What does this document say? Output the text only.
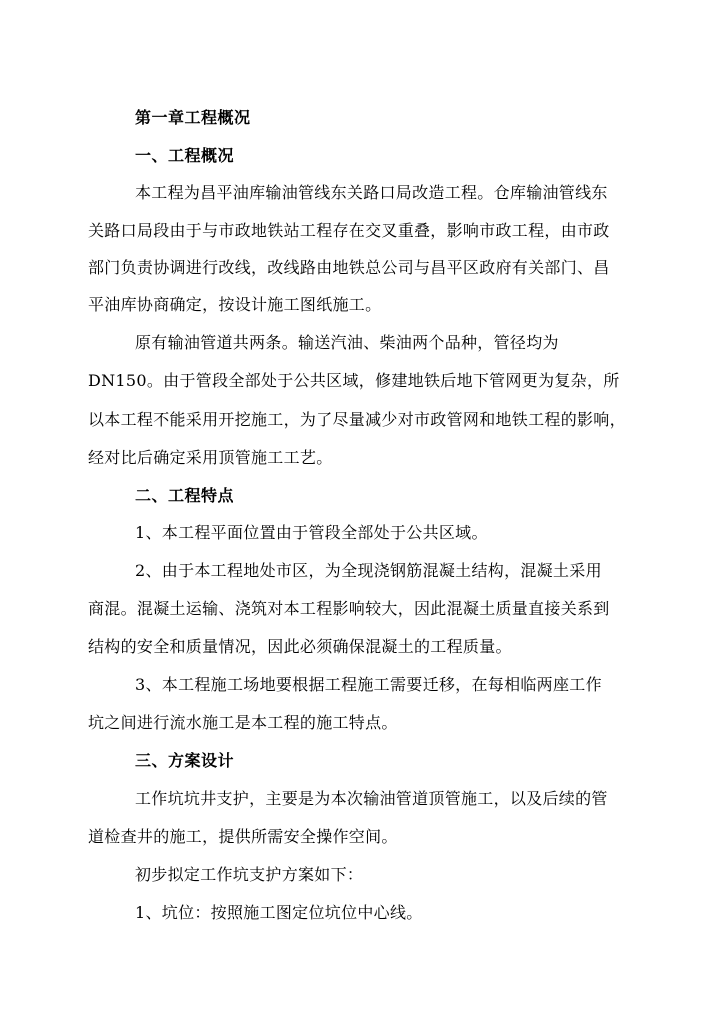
第一章工程概况
一、工程概况
本工程为昌平油库输油管线东关路口局改造工程。仓库输油管线东
关路口局段由于与市政地铁站工程存在交叉重叠，影响市政工程，由市政
部门负责协调进行改线，改线路由地铁总公司与昌平区政府有关部门、昌
平油库协商确定，按设计施工图纸施工。
原有输油管道共两条。输送汽油、柴油两个品种，管径均为
DN150。由于管段全部处于公共区域，修建地铁后地下管网更为复杂，所
以本工程不能采用开挖施工，为了尽量减少对市政管网和地铁工程的影响，
经对比后确定采用顶管施工工艺。
二、工程特点
1、本工程平面位置由于管段全部处于公共区域。
2、由于本工程地处市区，为全现浇钢筋混凝土结构，混凝土采用
商混。混凝土运输、浇筑对本工程影响较大，因此混凝土质量直接关系到
结构的安全和质量情况，因此必须确保混凝土的工程质量。
3、本工程施工场地要根据工程施工需要迁移，在每相临两座工作
坑之间进行流水施工是本工程的施工特点。
三、方案设计
工作坑坑井支护，主要是为本次输油管道顶管施工，以及后续的管
道检查井的施工，提供所需安全操作空间。
初步拟定工作坑支护方案如下：
1、坑位：按照施工图定位坑位中心线。
